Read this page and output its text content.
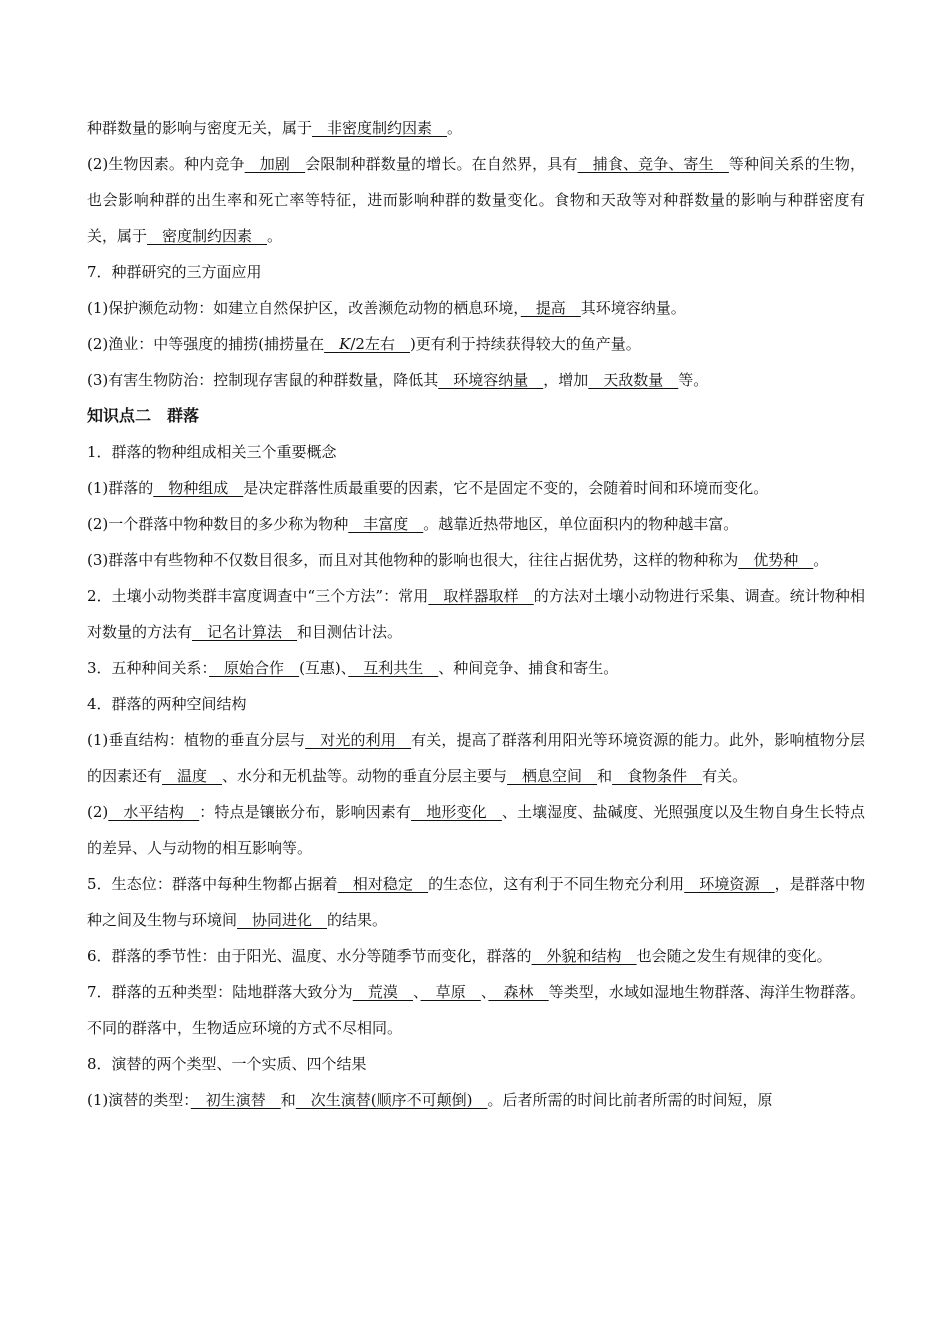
种群数量的影响与密度无关，属于　非密度制约因素　。

(2)生物因素。种内竞争　加剧　会限制种群数量的增长。在自然界，具有　捕食、竞争、寄生　等种间关系的生物，也会影响种群的出生率和死亡率等特征，进而影响种群的数量变化。食物和天敌等对种群数量的影响与种群密度有关，属于　密度制约因素　。

7．种群研究的三方面应用

(1)保护濒危动物：如建立自然保护区，改善濒危动物的栖息环境，　提高　其环境容纳量。

(2)渔业：中等强度的捕捞(捕捞量在　 K/2左右　)更有利于持续获得较大的鱼产量。

(3)有害生物防治：控制现存害鼠的种群数量，降低其　环境容纳量　，增加　天敌数量　等。

知识点二　群落

1．群落的物种组成相关三个重要概念

(1)群落的　物种组成　是决定群落性质最重要的因素，它不是固定不变的，会随着时间和环境而变化。

(2)一个群落中物种数目的多少称为物种　丰富度　。越靠近热带地区，单位面积内的物种越丰富。

(3)群落中有些物种不仅数目很多，而且对其他物种的影响也很大，往往占据优势，这样的物种称为　优势种　。

2．土壤小动物类群丰富度调查中“三个方法”：常用　取样器取样　的方法对土壤小动物进行采集、调查。统计物种相对数量的方法有　记名计算法　和目测估计法。

3．五种种间关系：　原始合作　(互惠)、　互利共生　、种间竞争、捕食和寄生。

4．群落的两种空间结构

(1)垂直结构：植物的垂直分层与　对光的利用　有关，提高了群落利用阳光等环境资源的能力。此外，影响植物分层的因素还有　温度　、水分和无机盐等。动物的垂直分层主要与　栖息空间　和　食物条件　有关。

(2)　水平结构　：特点是镶嵌分布，影响因素有　地形变化　、土壤湿度、盐碱度、光照强度以及生物自身生长特点的差异、人与动物的相互影响等。

5．生态位：群落中每种生物都占据着　相对稳定　的生态位，这有利于不同生物充分利用　环境资源　，是群落中物种之间及生物与环境间　协同进化　的结果。

6．群落的季节性：由于阳光、温度、水分等随季节而变化，群落的　外貌和结构　也会随之发生有规律的变化。

7．群落的五种类型：陆地群落大致分为　荒漠　、　草原　、　森林　等类型，水域如湿地生物群落、海洋生物群落。不同的群落中，生物适应环境的方式不尽相同。

8．演替的两个类型、一个实质、四个结果

(1)演替的类型：　初生演替　和　次生演替(顺序不可颠倒)　。后者所需的时间比前者所需的时间短，原
